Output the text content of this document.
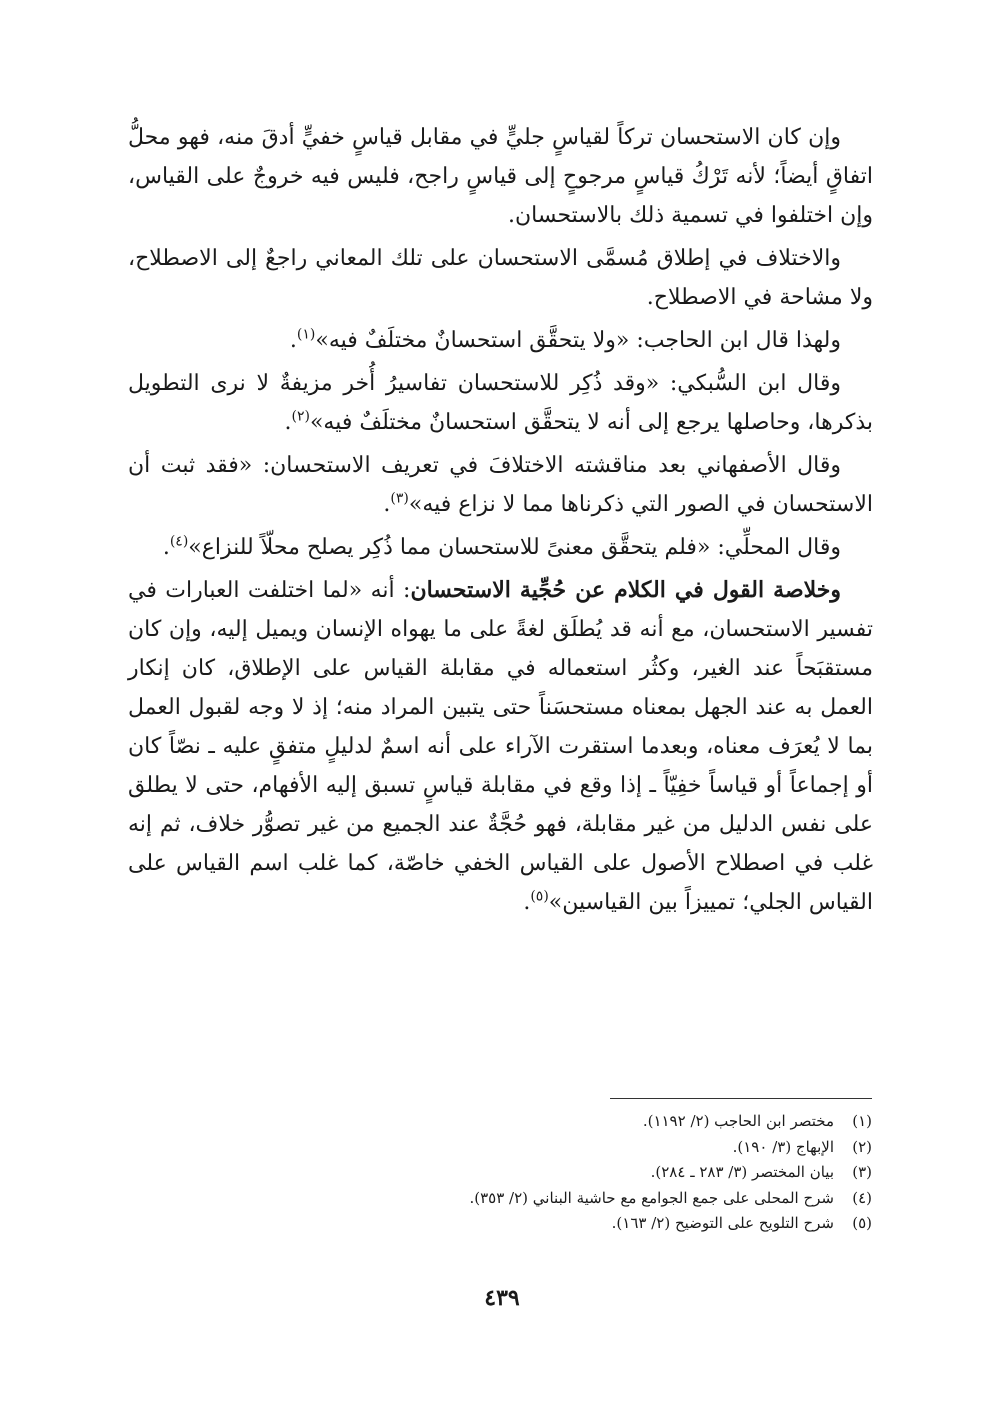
وإن كان الاستحسان تركاً لقياسٍ جليٍّ في مقابل قياسٍ خفيٍّ أدقَ منه، فهو محلُّ اتفاقٍ أيضاً؛ لأنه تَرْكُ قياسٍ مرجوحٍ إلى قياسٍ راجح، فليس فيه خروجٌ على القياس، وإن اختلفوا في تسمية ذلك بالاستحسان.

والاختلاف في إطلاق مُسمَّى الاستحسان على تلك المعاني راجعٌ إلى الاصطلاح، ولا مشاحة في الاصطلاح.

ولهذا قال ابن الحاجب: «ولا يتحقَّق استحسانٌ مختلَفٌ فيه»$^{(١)}$.

وقال ابن السُّبكي: «وقد ذُكِر للاستحسان تفاسيرُ أُخر مزيفةٌ لا نرى التطويل بذكرها، وحاصلها يرجع إلى أنه لا يتحقَّق استحسانٌ مختلَفٌ فيه»$^{(٢)}$.

وقال الأصفهاني بعد مناقشته الاختلافَ في تعريف الاستحسان: «فقد ثبت أن الاستحسان في الصور التي ذكرناها مما لا نزاع فيه»$^{(٣)}$.

وقال المحلِّي: «فلم يتحقَّق معنىً للاستحسان مما ذُكِر يصلح محلّاً للنزاع»$^{(٤)}$.

وخلاصة القول في الكلام عن حُجِّية الاستحسان: أنه «لما اختلفت العبارات في تفسير الاستحسان، مع أنه قد يُطلَق لغةً على ما يهواه الإنسان ويميل إليه، وإن كان مستقبَحاً عند الغير، وكثُر استعماله في مقابلة القياس على الإطلاق، كان إنكار العمل به عند الجهل بمعناه مستحسَناً حتى يتبين المراد منه؛ إذ لا وجه لقبول العمل بما لا يُعرَف معناه، وبعدما استقرت الآراء على أنه اسمٌ لدليلٍ متفقٍ عليه ـ نصّاً كان أو إجماعاً أو قياساً خفِيّاً ـ إذا وقع في مقابلة قياسٍ تسبق إليه الأفهام، حتى لا يطلق على نفس الدليل من غير مقابلة، فهو حُجَّةٌ عند الجميع من غير تصوُّر خلاف، ثم إنه غلب في اصطلاح الأصول على القياس الخفي خاصّة، كما غلب اسم القياس على القياس الجلي؛ تمييزاً بين القياسين»$^{(٥)}$.

(١)
مختصر ابن الحاجب (٢/ ١١٩٢).
(٢)
الإبهاج (٣/ ١٩٠).
(٣)
بيان المختصر (٣/ ٢٨٣ ـ ٢٨٤).
(٤)
شرح المحلى على جمع الجوامع مع حاشية البناني (٢/ ٣٥٣).
(٥)
شرح التلويح على التوضيح (٢/ ١٦٣).
٤٣٩
